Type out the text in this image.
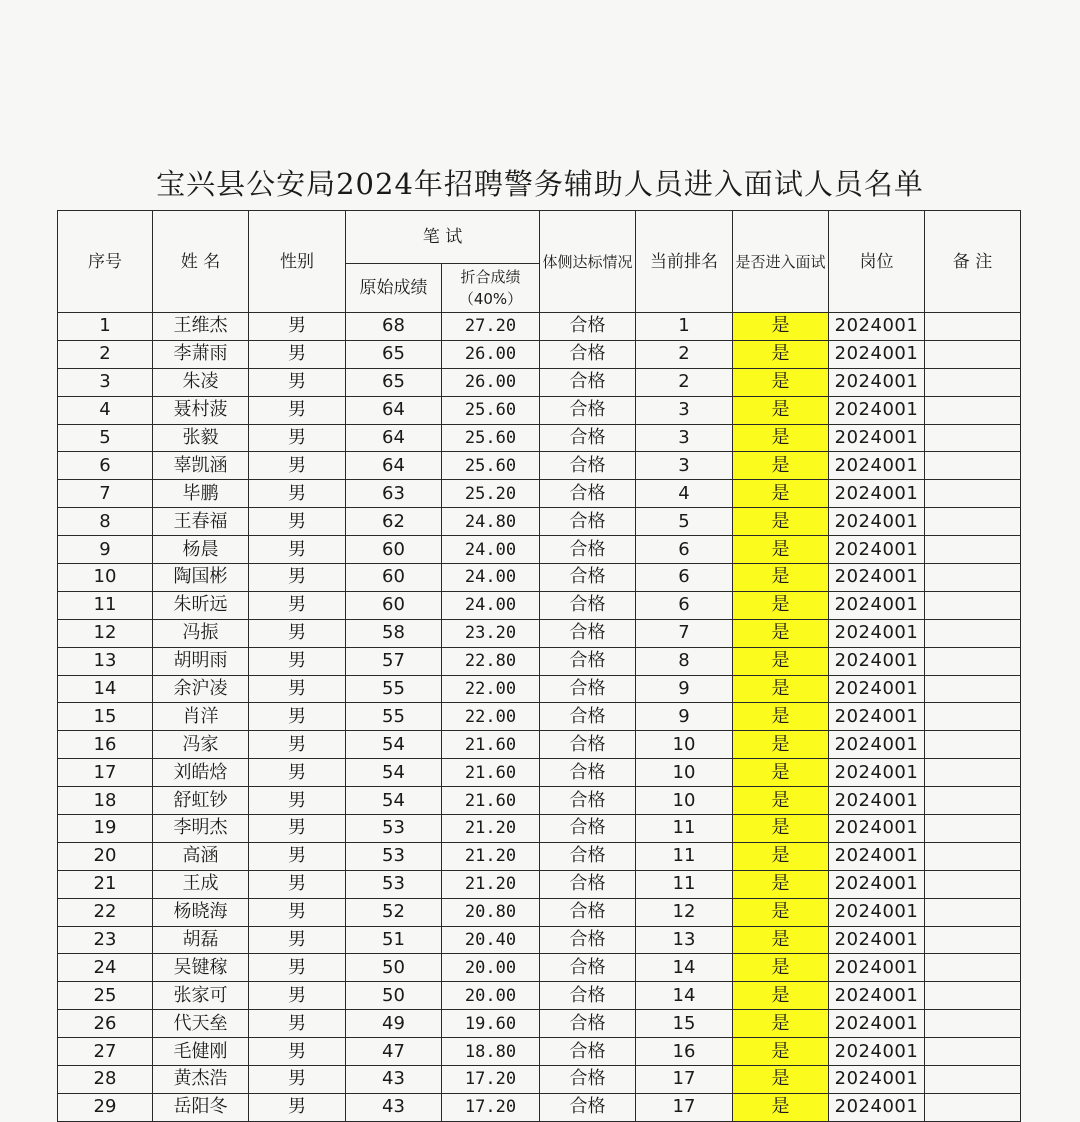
宝兴县公安局2024年招聘警务辅助人员进入面试人员名单
序号	姓 名	性别	笔 试		体侧达标情况	当前排名	是否进入面试	岗位	备 注
			原始成绩	折合成绩（40%）					
1	王维杰	男	68	27.20	合格	1	是	2024001	
2	李萧雨	男	65	26.00	合格	2	是	2024001	
3	朱凌	男	65	26.00	合格	2	是	2024001	
4	聂村菠	男	64	25.60	合格	3	是	2024001	
5	张毅	男	64	25.60	合格	3	是	2024001	
6	辜凯涵	男	64	25.60	合格	3	是	2024001	
7	毕鹏	男	63	25.20	合格	4	是	2024001	
8	王春福	男	62	24.80	合格	5	是	2024001	
9	杨晨	男	60	24.00	合格	6	是	2024001	
10	陶国彬	男	60	24.00	合格	6	是	2024001	
11	朱昕远	男	60	24.00	合格	6	是	2024001	
12	冯振	男	58	23.20	合格	7	是	2024001	
13	胡明雨	男	57	22.80	合格	8	是	2024001	
14	余沪凌	男	55	22.00	合格	9	是	2024001	
15	肖洋	男	55	22.00	合格	9	是	2024001	
16	冯家	男	54	21.60	合格	10	是	2024001	
17	刘皓焓	男	54	21.60	合格	10	是	2024001	
18	舒虹钞	男	54	21.60	合格	10	是	2024001	
19	李明杰	男	53	21.20	合格	11	是	2024001	
20	高涵	男	53	21.20	合格	11	是	2024001	
21	王成	男	53	21.20	合格	11	是	2024001	
22	杨晓海	男	52	20.80	合格	12	是	2024001	
23	胡磊	男	51	20.40	合格	13	是	2024001	
24	吴键稼	男	50	20.00	合格	14	是	2024001	
25	张家可	男	50	20.00	合格	14	是	2024001	
26	代天垒	男	49	19.60	合格	15	是	2024001	
27	毛健刚	男	47	18.80	合格	16	是	2024001	
28	黄杰浩	男	43	17.20	合格	17	是	2024001	
29	岳阳冬	男	43	17.20	合格	17	是	2024001	
